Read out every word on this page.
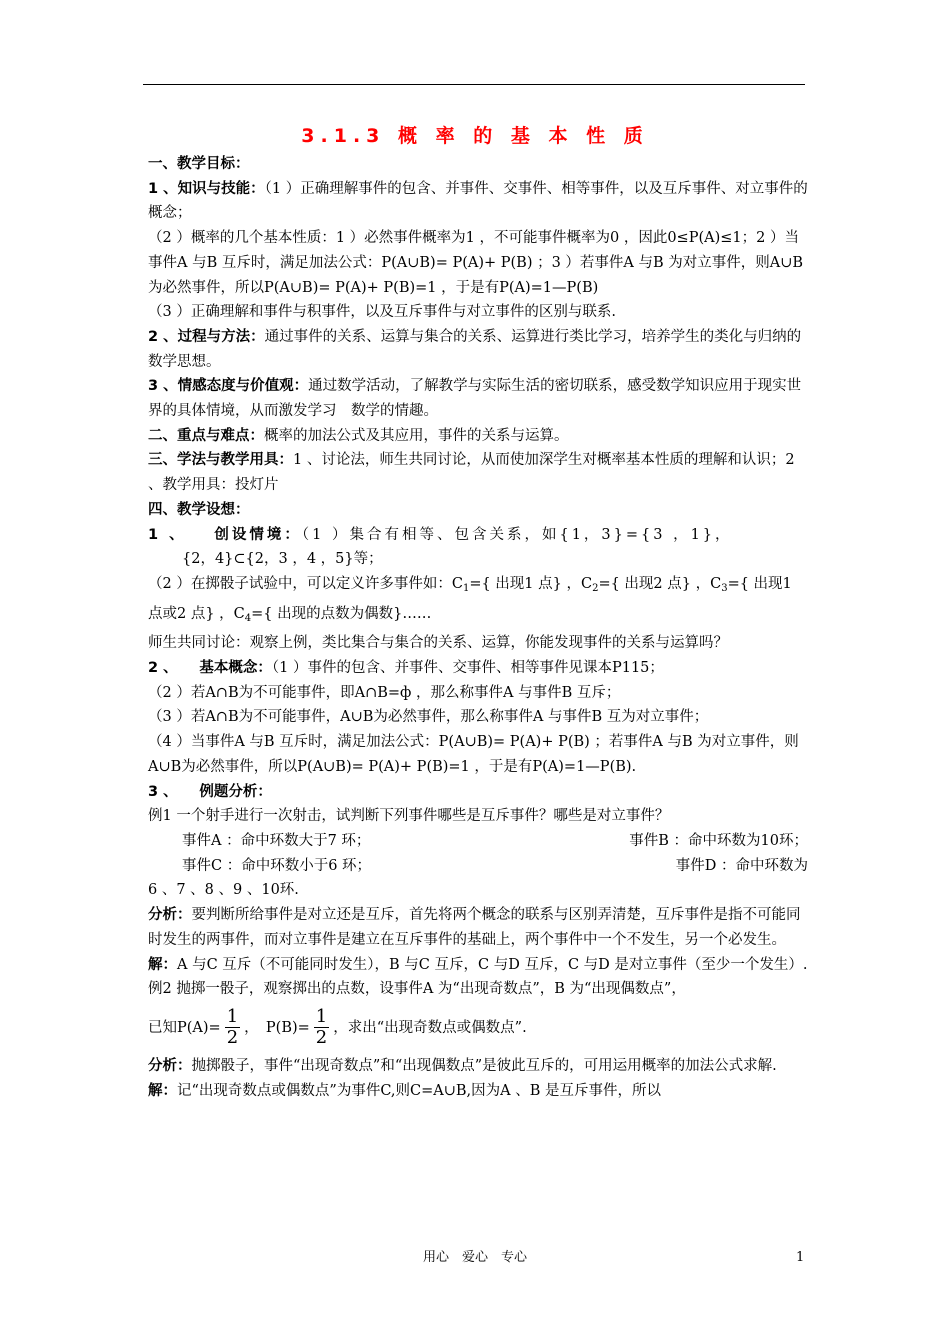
3.1.3 概 率 的 基 本 性 质

一、教学目标：

1 、知识与技能：（1 ）正确理解事件的包含、并事件、交事件、相等事件，以及互斥事件、对立事件的概念；

（2 ）概率的几个基本性质：1 ）必然事件概率为1 ，不可能事件概率为0 ，因此0≤P(A)≤1；2 ）当事件A 与B 互斥时，满足加法公式：P(A∪B)= P(A)+ P(B) ；3 ）若事件A 与B 为对立事件，则A∪B 为必然事件，所以P(A∪B)= P(A)+ P(B)=1 ，于是有P(A)=1—P(B)

（3 ）正确理解和事件与积事件，以及互斥事件与对立事件的区别与联系.

2 、过程与方法：通过事件的关系、运算与集合的关系、运算进行类比学习，培养学生的类化与归纳的数学思想。

3 、情感态度与价值观：通过数学活动，了解教学与实际生活的密切联系，感受数学知识应用于现实世界的具体情境，从而激发学习　数学的情趣。

二、重点与难点：概率的加法公式及其应用，事件的关系与运算。

三、学法与教学用具：1 、讨论法，师生共同讨论，从而使加深学生对概率基本性质的理解和认识；2 、教学用具：投灯片

四、教学设想：

1 、　　创设情境：（1 ）集合有相等、包含关系，如{1，3}={3 ，1}，

{2，4}⊂{2，3 ，4 ，5}等；

（2 ）在掷骰子试验中，可以定义许多事件如：$C_1=${ 出现1 点} ，$C_2=${ 出现2 点} ，$C_3=${ 出现1 点或2 点} ，$C_4=${ 出现的点数为偶数}……

师生共同讨论：观察上例，类比集合与集合的关系、运算，你能发现事件的关系与运算吗？

2 、　　基本概念：（1 ）事件的包含、并事件、交事件、相等事件见课本P115；

（2 ）若A∩B为不可能事件，即A∩B=ф ，那么称事件A 与事件B 互斥；

（3 ）若A∩B为不可能事件，A∪B为必然事件，那么称事件A 与事件B 互为对立事件；

（4 ）当事件A 与B 互斥时，满足加法公式：P(A∪B)= P(A)+ P(B) ；若事件A 与B 为对立事件，则A∪B为必然事件，所以P(A∪B)= P(A)+ P(B)=1 ，于是有P(A)=1—P(B).

3 、　　例题分析：

例1 一个射手进行一次射击，试判断下列事件哪些是互斥事件？哪些是对立事件？

事件A ：命中环数大于7 环；	事件B ：命中环数为10环；
事件C ：命中环数小于6 环；	事件D ：命中环数为

6 、7 、8 、9 、10环.

分析：要判断所给事件是对立还是互斥，首先将两个概念的联系与区别弄清楚，互斥事件是指不可能同时发生的两事件，而对立事件是建立在互斥事件的基础上，两个事件中一个不发生，另一个必发生。

解：A 与C 互斥（不可能同时发生），B 与C 互斥，C 与D 互斥，C 与D 是对立事件（至少一个发生）.

例2 抛掷一骰子，观察掷出的点数，设事件A 为“出现奇数点”，B 为“出现偶数点”，

已知$P(A)= \frac{1}{2}$ ，　$P(B)= \frac{1}{2}$ ，求出“出现奇数点或偶数点”.

分析：抛掷骰子，事件“出现奇数点”和“出现偶数点”是彼此互斥的，可用运用概率的加法公式求解.

解：记“出现奇数点或偶数点”为事件C,则C=A∪B,因为A 、B 是互斥事件，所以

用心　爱心　专心	1
